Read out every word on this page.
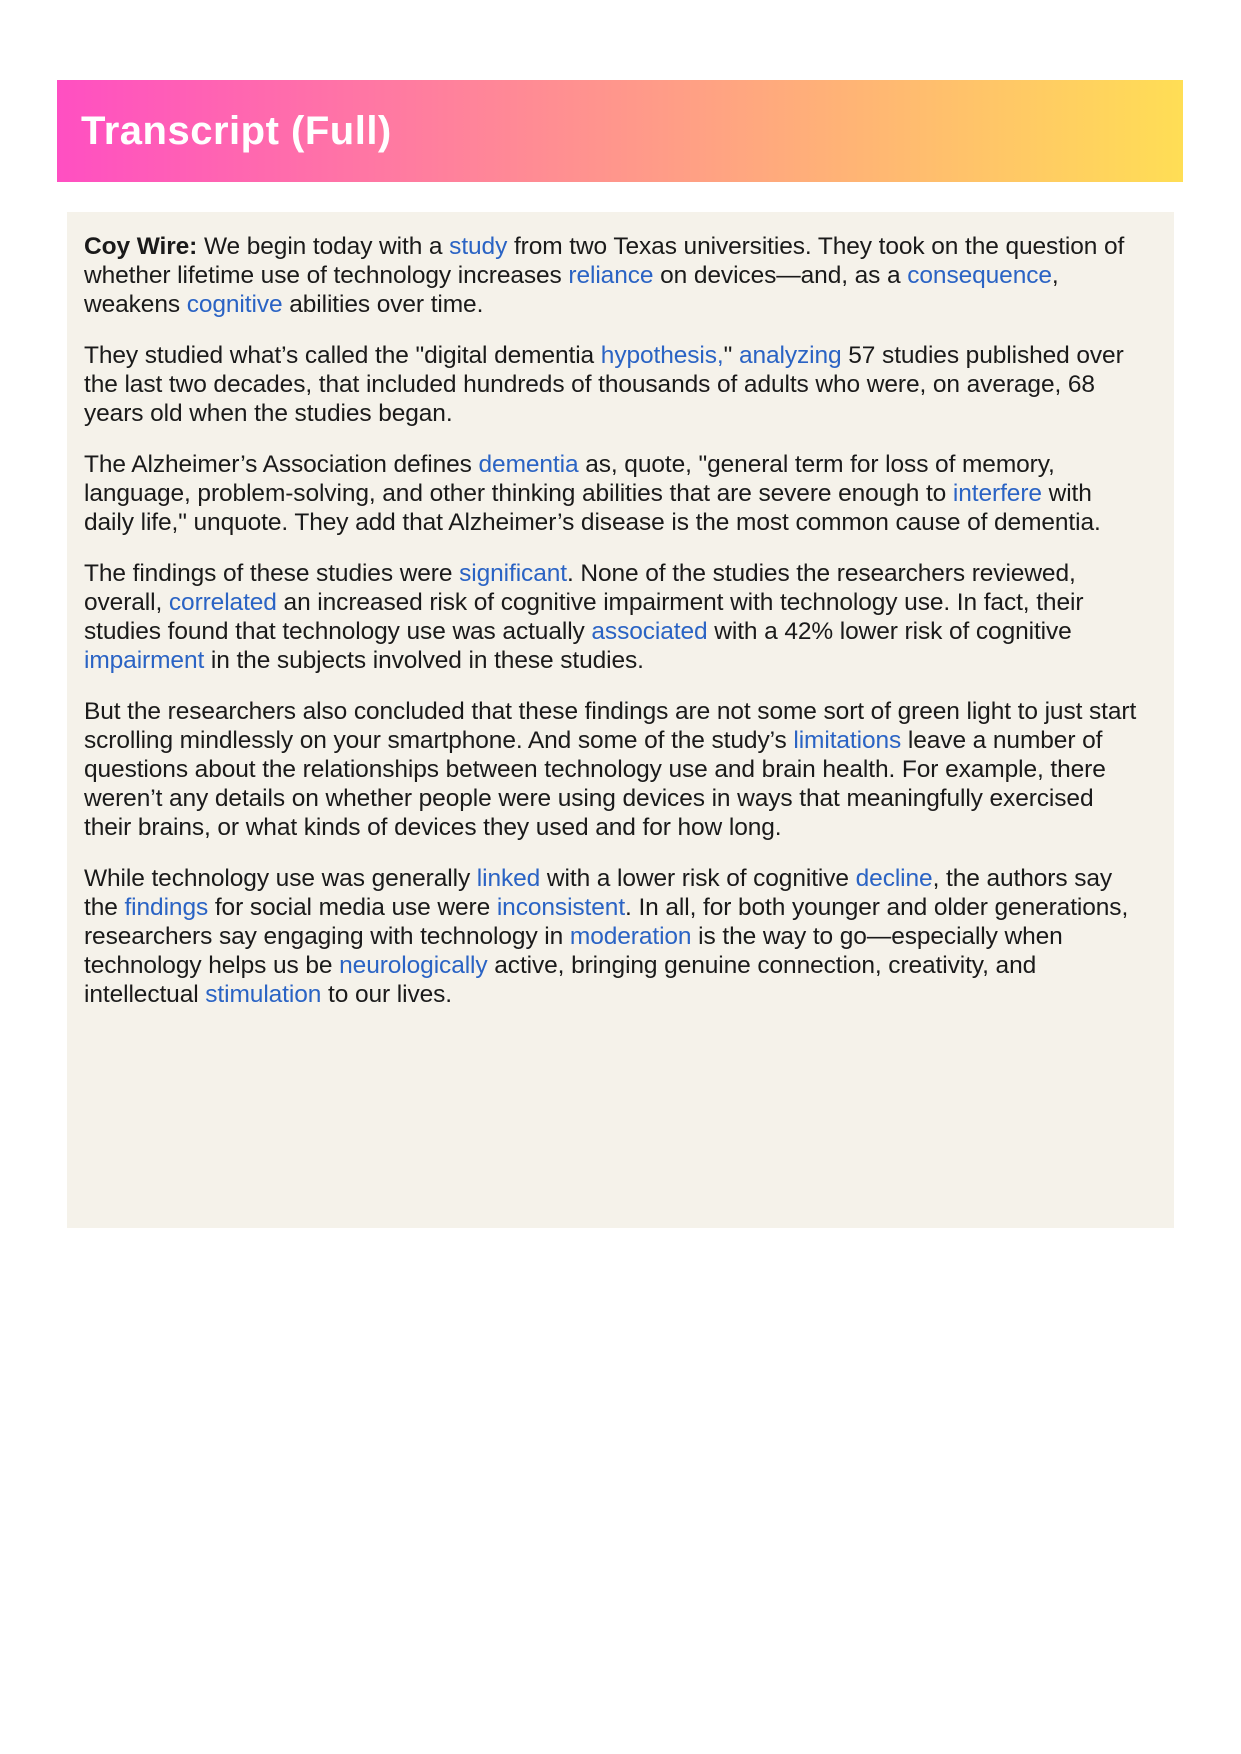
Transcript (Full)

Coy Wire: We begin today with a study from two Texas universities. They took on the question of whether lifetime use of technology increases reliance on devices—and, as a consequence, weakens cognitive abilities over time.

They studied what’s called the "digital dementia hypothesis," analyzing 57 studies published over the last two decades, that included hundreds of thousands of adults who were, on average, 68 years old when the studies began.

The Alzheimer’s Association defines dementia as, quote, "general term for loss of memory, language, problem-solving, and other thinking abilities that are severe enough to interfere with daily life," unquote. They add that Alzheimer’s disease is the most common cause of dementia.

The findings of these studies were significant. None of the studies the researchers reviewed, overall, correlated an increased risk of cognitive impairment with technology use. In fact, their studies found that technology use was actually associated with a 42% lower risk of cognitive impairment in the subjects involved in these studies.

But the researchers also concluded that these findings are not some sort of green light to just start scrolling mindlessly on your smartphone. And some of the study’s limitations leave a number of questions about the relationships between technology use and brain health. For example, there weren’t any details on whether people were using devices in ways that meaningfully exercised their brains, or what kinds of devices they used and for how long.

While technology use was generally linked with a lower risk of cognitive decline, the authors say the findings for social media use were inconsistent. In all, for both younger and older generations, researchers say engaging with technology in moderation is the way to go—especially when technology helps us be neurologically active, bringing genuine connection, creativity, and intellectual stimulation to our lives.
